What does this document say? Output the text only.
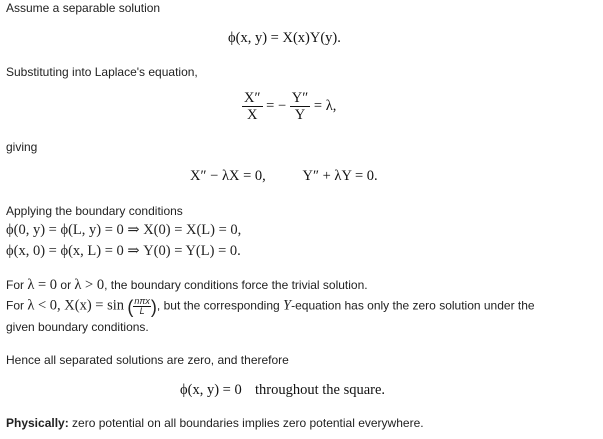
Assume a separable solution
ϕ(x, y) = X(x)Y(y).
Substituting into Laplace's equation,
$\frac{X''}{X}$ = − $\frac{Y''}{Y} = \lambda$,
giving
X″ − λX = 0,	Y″ + λY = 0.
Applying the boundary conditions
ϕ(0, y) = ϕ(L, y) = 0 ⇒ X(0) = X(L) = 0,
ϕ(x, 0) = ϕ(x, L) = 0 ⇒ Y(0) = Y(L) = 0.
For λ = 0 or λ > 0, the boundary conditions force the trivial solution.
For λ < 0, X(x) = sin ( nπx
L ), but the corresponding Y-equation has only the zero solution under the
given boundary conditions.
Hence all separated solutions are zero, and therefore
ϕ(x, y) = 0 throughout the square.
Physically: zero potential on all boundaries implies zero potential everywhere.
